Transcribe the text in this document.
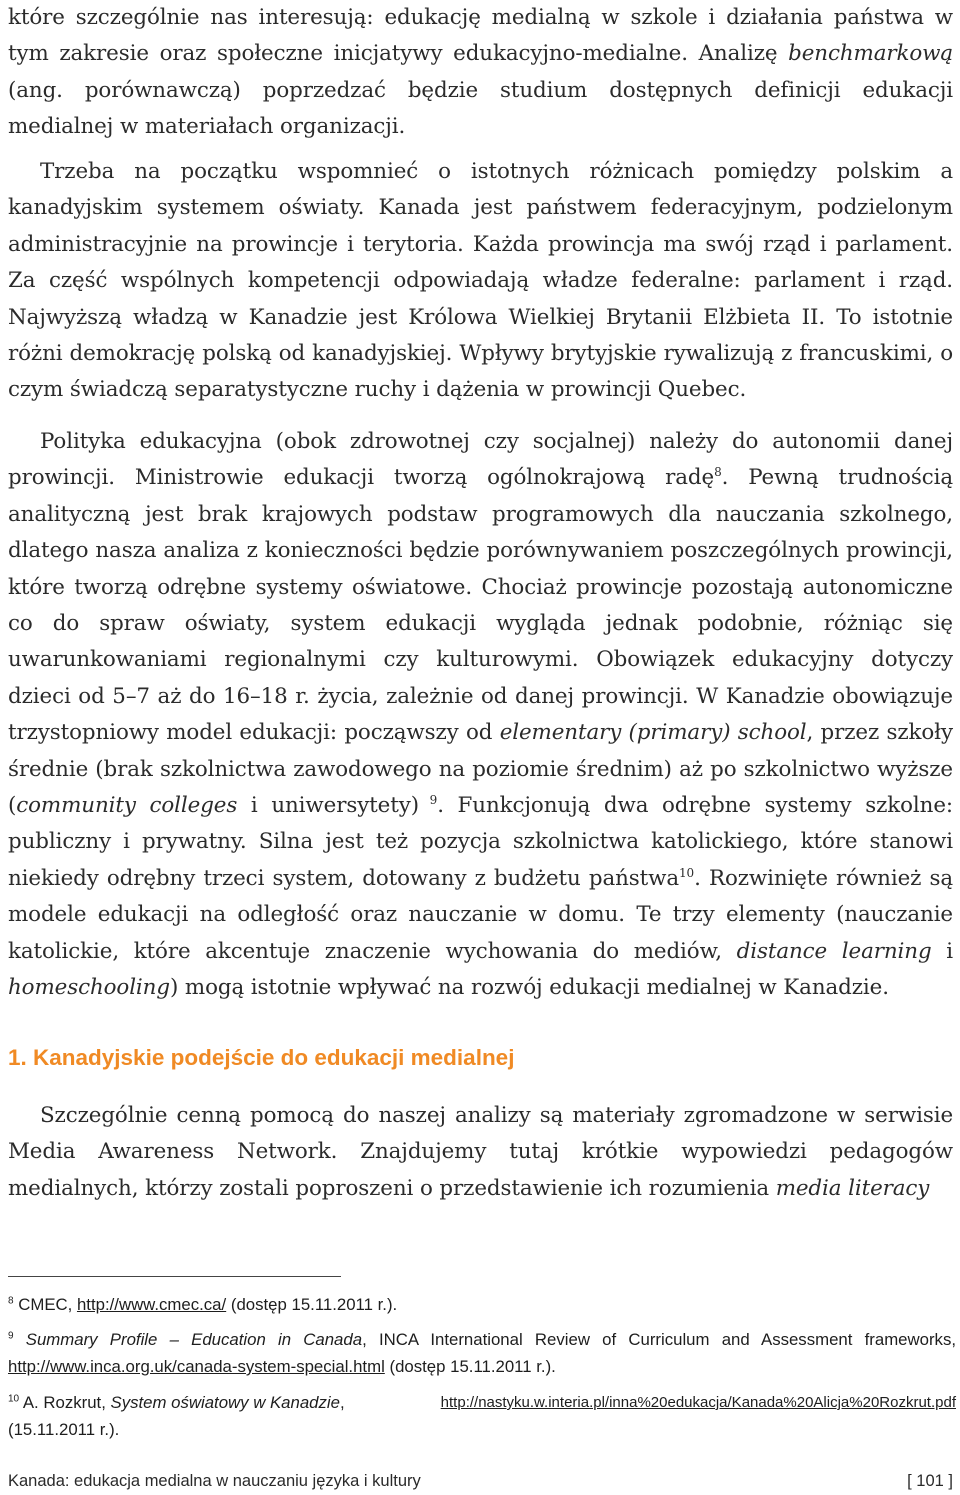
które szczególnie nas interesują: edukację medialną w szkole i działania państwa w tym zakresie oraz społeczne inicjatywy edukacyjno-medialne. Analizę benchmarkową (ang. porównawczą) poprzedzać będzie studium dostępnych definicji edukacji medialnej w materiałach organizacji.

Trzeba na początku wspomnieć o istotnych różnicach pomiędzy polskim a kanadyjskim systemem oświaty. Kanada jest państwem federacyjnym, podzielonym administracyjnie na prowincje i terytoria. Każda prowincja ma swój rząd i parlament. Za część wspólnych kompetencji odpowiadają władze federalne: parlament i rząd. Najwyższą władzą w Kanadzie jest Królowa Wielkiej Brytanii Elżbieta II. To istotnie różni demokrację polską od kanadyjskiej. Wpływy brytyjskie rywalizują z francuskimi, o czym świadczą separatystyczne ruchy i dążenia w prowincji Quebec.

Polityka edukacyjna (obok zdrowotnej czy socjalnej) należy do autonomii danej prowincji. Ministrowie edukacji tworzą ogólnokrajową radę$^8$. Pewną trudnością analityczną jest brak krajowych podstaw programowych dla nauczania szkolnego, dlatego nasza analiza z konieczności będzie porównywaniem poszczególnych prowincji, które tworzą odrębne systemy oświatowe. Chociaż prowincje pozostają autonomiczne co do spraw oświaty, system edukacji wygląda jednak podobnie, różniąc się uwarunkowaniami regionalnymi czy kulturowymi. Obowiązek edukacyjny dotyczy dzieci od 5–7 aż do 16–18 r. życia, zależnie od danej prowincji. W Kanadzie obowiązuje trzystopniowy model edukacji: począwszy od elementary (primary) school, przez szkoły średnie (brak szkolnictwa zawodowego na poziomie średnim) aż po szkolnictwo wyższe (community colleges i uniwersytety) $^9$. Funkcjonują dwa odrębne systemy szkolne: publiczny i prywatny. Silna jest też pozycja szkolnictwa katolickiego, które stanowi niekiedy odrębny trzeci system, dotowany z budżetu państwa$^{10}$. Rozwinięte również są modele edukacji na odległość oraz nauczanie w domu. Te trzy elementy (nauczanie katolickie, które akcentuje znaczenie wychowania do mediów, distance learning i homeschooling) mogą istotnie wpływać na rozwój edukacji medialnej w Kanadzie.

1. Kanadyjskie podejście do edukacji medialnej

Szczególnie cenną pomocą do naszej analizy są materiały zgromadzone w serwisie Media Awareness Network. Znajdujemy tutaj krótkie wypowiedzi pedagogów medialnych, którzy zostali poproszeni o przedstawienie ich rozumienia media literacy

$^8$ CMEC, http://www.cmec.ca/ (dostęp 15.11.2011 r.).

$^9$ Summary Profile – Education in Canada, INCA International Review of Curriculum and Assessment frameworks, http://www.inca.org.uk/canada-system-special.html (dostęp 15.11.2011 r.).

$^{10}$ A. Rozkrut, System oświatowy w Kanadzie,	http://nastyku.w.interia.pl/inna%20edukacja/Kanada%20Alicja%20Rozkrut.pdf
(15.11.2011 r.).
Kanada: edukacja medialna w nauczaniu języka i kultury	[ 101 ]
